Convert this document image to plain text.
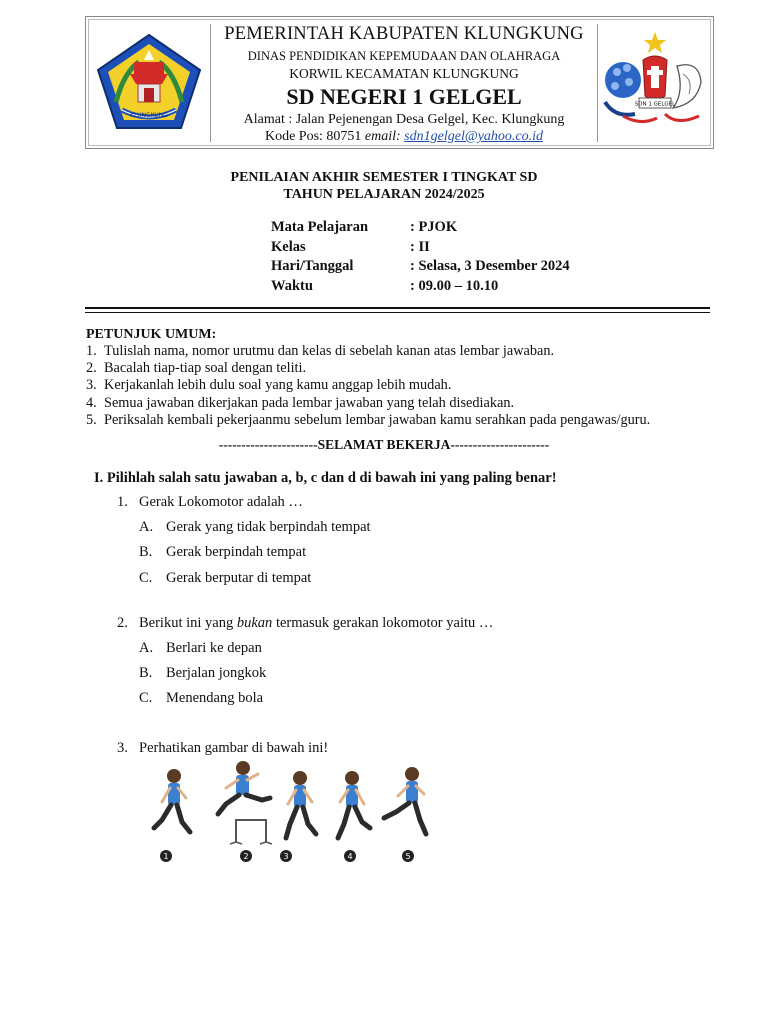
KLUNGKUNG
PEMERINTAH KABUPATEN KLUNGKUNG
DINAS PENDIDIKAN KEPEMUDAAN DAN OLAHRAGA
KORWIL KECAMATAN KLUNGKUNG
SD NEGERI 1 GELGEL
Alamat : Jalan Pejenengan Desa Gelgel, Kec. Klungkung
Kode Pos: 80751 email: sdn1gelgel@yahoo.co.id
SDN 1 GELGEL
PENILAIAN AKHIR SEMESTER I TINGKAT SD
TAHUN PELAJARAN 2024/2025
Mata Pelajaran	: PJOK
Kelas	: II
Hari/Tanggal	: Selasa, 3 Desember 2024
Waktu	: 09.00 – 10.10
PETUNJUK UMUM:
1. Tulislah nama, nomor urutmu dan kelas di sebelah kanan atas lembar jawaban.
2. Bacalah tiap-tiap soal dengan teliti.
3. Kerjakanlah lebih dulu soal yang kamu anggap lebih mudah.
4. Semua jawaban dikerjakan pada lembar jawaban yang telah disediakan.
5. Periksalah kembali pekerjaanmu sebelum lembar jawaban kamu serahkan pada pengawas/guru.
----------------------SELAMAT BEKERJA----------------------
I. Pilihlah salah satu jawaban a, b, c dan d di bawah ini yang paling benar!
1. Gerak Lokomotor adalah …
A. Gerak yang tidak berpindah tempat
B. Gerak berpindah tempat
C. Gerak berputar di tempat
2. Berikut ini yang bukan termasuk gerakan lokomotor yaitu …
A. Berlari ke depan
B. Berjalan jongkok
C. Menendang bola
3. Perhatikan gambar di bawah ini!
1	2	3	4	5
